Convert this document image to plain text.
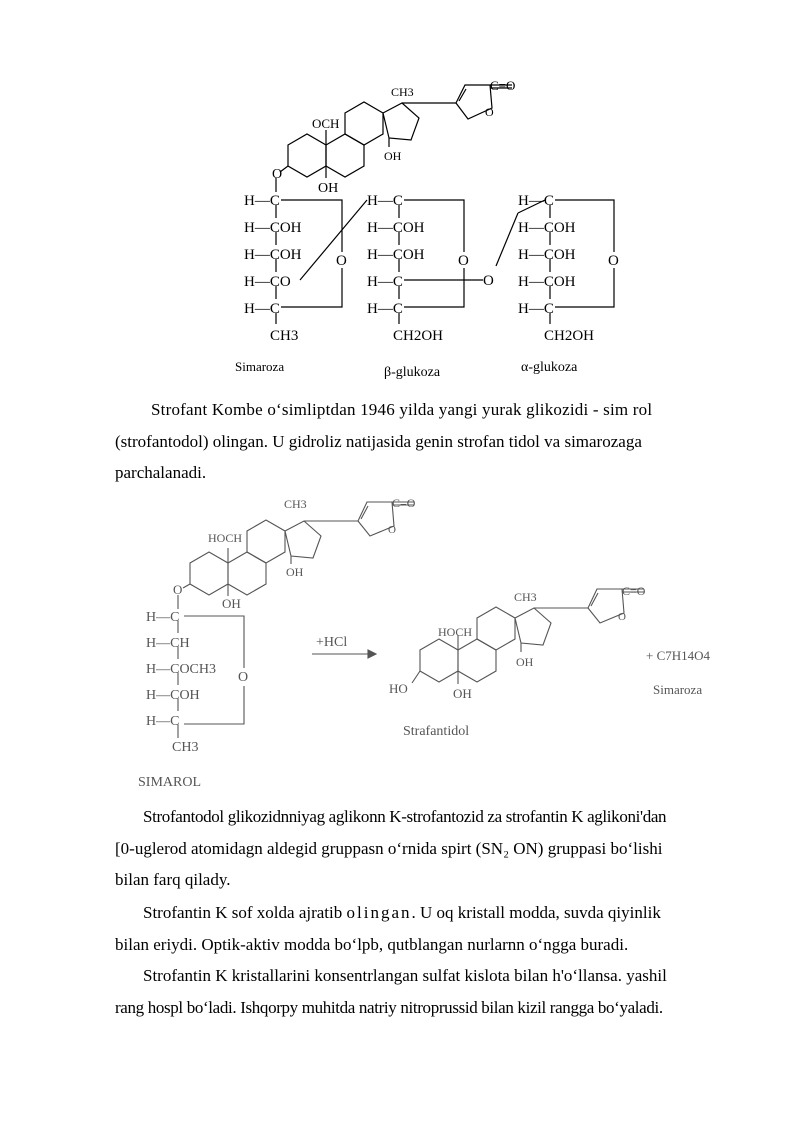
OCH
CH3
OH
OH
O
C=O
O
H—C
H—COH
H—COH
H—CO
H—C
CH3
O
Simaroza
H—C
H—COH
H—COH
H—C
H—C
CH2OH
O
O
β-glukoza
H—C
H—COH
H—COH
H—COH
H—C
CH2OH
O
α-glukoza
Strofant Kombe o‘simliptdan 1946 yilda yangi yurak glikozidi - sim rol
(strofantodol) olingan. U gidroliz natijasida genin strofan tidol va simarozaga
parchalanadi.
HOCH
CH3
OH
OH
O
C=O
O
H—C
H—CH
H—COCH3
H—COH
H—C
CH3
O
SIMAROL
+HCl
HOCH
CH3
OH
OH
HO
C=O
O
Strafantidol
+ C7H14O4
Simaroza
Strofantodol glikozidnniyag aglikonn K-strofantozid za strofantin K aglikoni'dan
[0-uglerod atomidagn aldegid gruppasn o‘rnida spirt (SN₂ ON) gruppasi bo‘lishi
bilan farq qilady.
Strofantin K sof xolda ajratib olingan. U oq kristall modda, suvda qiyinlik
bilan eriydi. Optik-aktiv modda bo‘lpb, qutblangan nurlarnn o‘ngga buradi.
Strofantin K kristallarini konsentrlangan sulfat kislota bilan h'o‘llansa. yashil
rang hospl bo‘ladi. Ishqorpy muhitda natriy nitroprussid bilan kizil rangga bo‘yaladi.
